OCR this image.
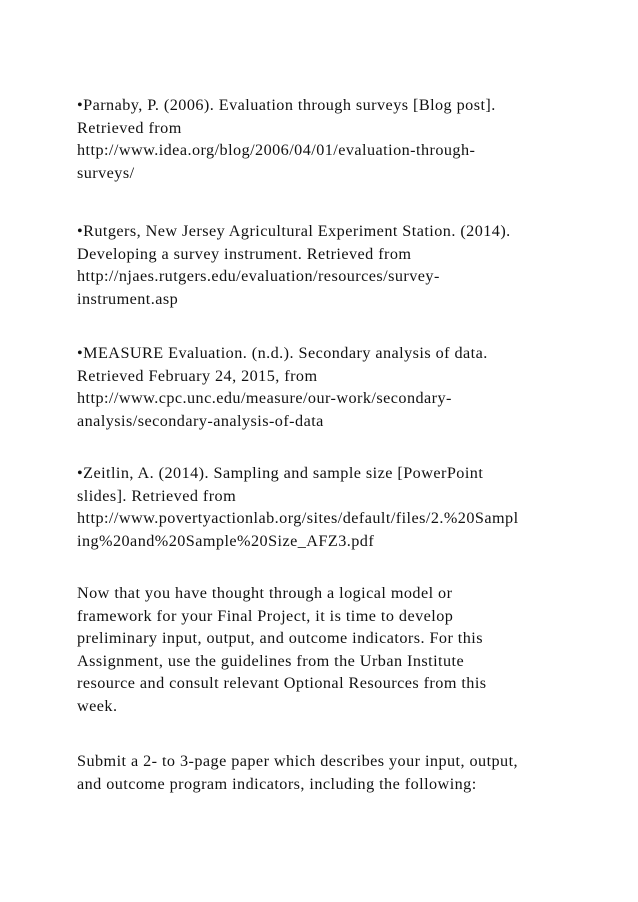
•Parnaby, P. (2006). Evaluation through surveys [Blog post].
Retrieved from
http://www.idea.org/blog/2006/04/01/evaluation-through-
surveys/

•Rutgers, New Jersey Agricultural Experiment Station. (2014).
Developing a survey instrument. Retrieved from
http://njaes.rutgers.edu/evaluation/resources/survey-
instrument.asp

•MEASURE Evaluation. (n.d.). Secondary analysis of data.
Retrieved February 24, 2015, from
http://www.cpc.unc.edu/measure/our-work/secondary-
analysis/secondary-analysis-of-data

•Zeitlin, A. (2014). Sampling and sample size [PowerPoint
slides]. Retrieved from
http://www.povertyactionlab.org/sites/default/files/2.%20Sampl
ing%20and%20Sample%20Size_AFZ3.pdf

Now that you have thought through a logical model or
framework for your Final Project, it is time to develop
preliminary input, output, and outcome indicators. For this
Assignment, use the guidelines from the Urban Institute
resource and consult relevant Optional Resources from this
week.

Submit a 2- to 3-page paper which describes your input, output,
and outcome program indicators, including the following:
